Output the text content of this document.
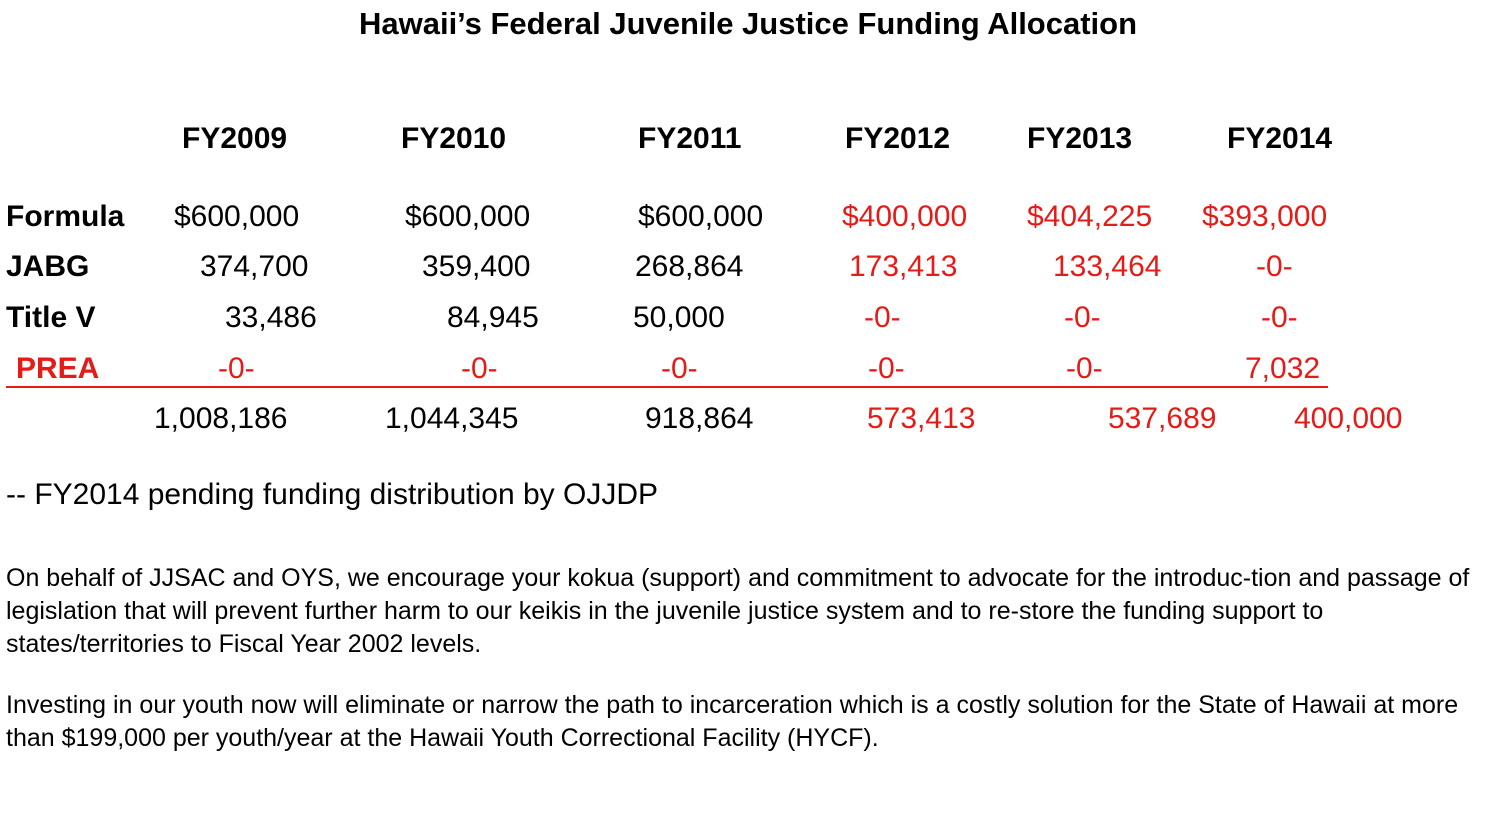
Hawaii’s Federal Juvenile Justice Funding Allocation
FY2009	FY2010	FY2011	FY2012	FY2013	FY2014
Formula $600,000	$600,000	$600,000	$400,000 $404,225 $393,000
JABG	374,700	359,400	268,864	173,413	133,464	-0-
Title V	33,486	84,945	50,000	-0-	-0-	-0-
PREA	-0-	-0-	-0-	-0-	-0-	7,032
1,008,186	1,044,345	918,864	573,413	537,689	400,000
-- FY2014 pending funding distribution by OJJDP
On behalf of JJSAC and OYS, we encourage your kokua (support) and commitment to advocate for the introduc-tion and passage of legislation that will prevent further harm to our keikis in the juvenile justice system and to re-store the funding support to states/territories to Fiscal Year 2002 levels.
Investing in our youth now will eliminate or narrow the path to incarceration which is a costly solution for the State of Hawaii at more than $199,000 per youth/year at the Hawaii Youth Correctional Facility (HYCF).
